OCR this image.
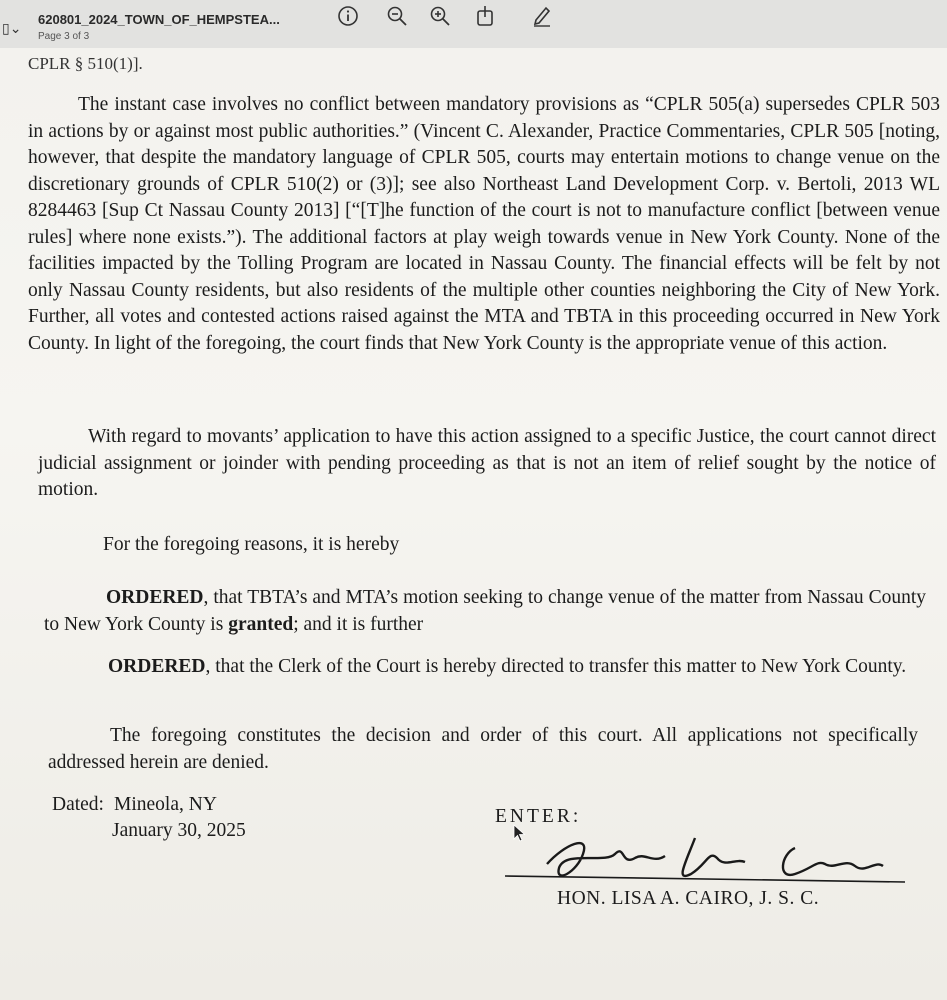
▯⌄
620801_2024_TOWN_OF_HEMPSTEA...
Page 3 of 3
CPLR § 510(1)].

The instant case involves no conflict between mandatory provisions as “CPLR 505(a) supersedes CPLR 503 in actions by or against most public authorities.” (Vincent C. Alexander, Practice Commentaries, CPLR 505 [noting, however, that despite the mandatory language of CPLR 505, courts may entertain motions to change venue on the discretionary grounds of CPLR 510(2) or (3)]; see also Northeast Land Development Corp. v. Bertoli, 2013 WL 8284463 [Sup Ct Nassau County 2013] [“[T]he function of the court is not to manufacture conflict [between venue rules] where none exists.”). The additional factors at play weigh towards venue in New York County. None of the facilities impacted by the Tolling Program are located in Nassau County. The financial effects will be felt by not only Nassau County residents, but also residents of the multiple other counties neighboring the City of New York. Further, all votes and contested actions raised against the MTA and TBTA in this proceeding occurred in New York County. In light of the foregoing, the court finds that New York County is the appropriate venue of this action.

With regard to movants’ application to have this action assigned to a specific Justice, the court cannot direct judicial assignment or joinder with pending proceeding as that is not an item of relief sought by the notice of motion.

For the foregoing reasons, it is hereby

ORDERED, that TBTA’s and MTA’s motion seeking to change venue of the matter from Nassau County to New York County is granted; and it is further

ORDERED, that the Clerk of the Court is hereby directed to transfer this matter to New York County.

The foregoing constitutes the decision and order of this court. All applications not specifically addressed herein are denied.

Dated: Mineola, NY
January 30, 2025
ENTER:
HON. LISA A. CAIRO, J. S. C.
